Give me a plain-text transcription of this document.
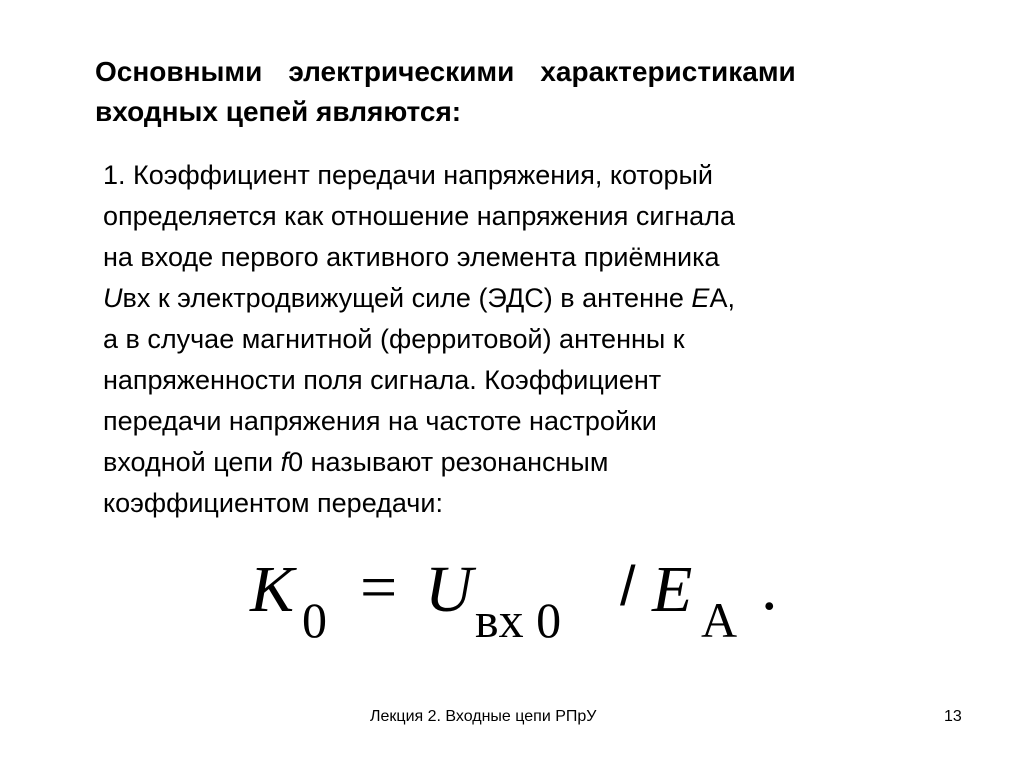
Основными электрическими характеристиками
входных цепей являются:
1. Коэффициент передачи напряжения, который
определяется как отношение напряжения сигнала
на входе первого активного элемента приёмника
Uвх к электродвижущей силе (ЭДС) в антенне EА,
а в случае магнитной (ферритовой) антенны к
напряженности поля сигнала. Коэффициент
передачи напряжения на частоте настройки
входной цепи f0 называют резонансным
коэффициентом передачи:
K 0 = U вх 0
/ E A .
Лекция 2. Входные цепи РПрУ	13
